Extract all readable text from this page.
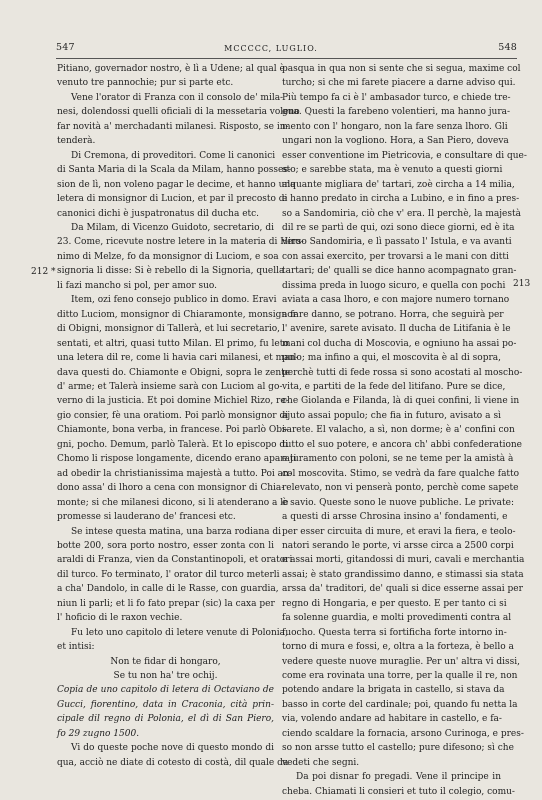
547	MCCCCC, LUGLIO.	548
212 *
213
Pitiano, governador nostro, è lì a Udene; al qual è
venuto tre pannochie; pur si parte etc.
Vene l'orator di Franza con il consolo de' mila-
nesi, dolendossi quelli oficiali di la messetaria voleno
far novità a' merchadanti milanesi. Risposto, se in-
tenderà.
Di Cremona, di proveditori. Come li canonici
di Santa Maria di la Scala da Milam, hanno posses-
sion de lì, non voleno pagar le decime, et hanno una
letera di monsignor di Lucion, et par il precosto di
canonici dichi è juspatronatus dil ducha etc.
Da Milam, di Vicenzo Guidoto, secretario, di
23. Come, ricevute nostre letere in la materia di Hiro-
nimo di Melze, fo da monsignor di Luciom, e soa
signoria li disse: Si è rebello di la Signoria, quella
li fazi mancho si pol, per amor suo.
Item, ozi feno consejo publico in domo. Eravi
ditto Luciom, monsignor di Chiaramonte, monsignor
di Obigni, monsignor di Tallerà, et lui secretario,
sentati, et altri, quasi tutto Milan. El primo, fu leto
una letera dil re, come li havia cari milanesi, et man-
dava questi do. Chiamonte e Obigni, sopra le zente
d' arme; et Talerà insieme sarà con Luciom al go-
verno di la justicia. Et poi domine Michiel Rizo, re-
gio consier, fè una oratiom. Poi parlò monsignor di
Chiamonte, bona verba, in francese. Poi parlò Obi-
gni, pocho. Demum, parlò Talerà. Et lo episcopo di
Chomo li rispose longamente, dicendo erano aparati
ad obedir la christianissima majestà a tutto. Poi an-
dono assa' di lhoro a cena con monsignor di Chia-
monte; si che milanesi dicono, si li atenderano a le
promesse si lauderano de' francesi etc.
Se intese questa matina, una barza rodiana di
botte 200, sora porto nostro, esser zonta con li
araldi di Franza, vien da Constantinopoli, et oratori
dil turco. Fo terminato, l' orator dil turco meterli
a cha' Dandolo, in calle di le Rasse, con guardia,
niun li parli; et li fo fato prepar (sic) la caxa per
l' hoficio di le raxon vechie.
Fu leto uno capitolo di letere venute di Polonia,
et intisi:
Non te fidar di hongaro,
Se tu non ha' tre ochij.
Copia de uno capitolo di letera di Octaviano de
Gucci, fiorentino, data in Craconia, cità prin-
cipale dil regno di Polonia, el dì di San Piero,
fo 29 zugno 1500.
Vi do queste poche nove di questo mondo di
qua, acciò ne diate di cotesto di costà, dil quale da
pasqua in qua non si sente che si segua, maxime col
turcho; si che mi farete piacere a darne adviso qui.
Più tempo fa ci è l' ambasador turco, e chiede tre-
gua. Questi la farebeno volentieri, ma hanno jura-
mento con l' hongaro, non la fare senza lhoro. Gli
ungari non la vogliono. Hora, a San Piero, doveva
esser conventione im Pietricovia, e consultare di que-
sto; e sarebbe stata, ma è venuto a questi giorni
alquante migliara de' tartari, zoè circha a 14 milia,
e hanno predato in circha a Lubino, e in fino a pres-
so a Sandomiria, ciò che v' era. Il perchè, la majestà
dil re se partì de qui, ozi sono diece giorni, ed è ita
verso Sandomiria, e lì passato l' Istula, e va avanti
con assai exercito, per trovarsi a le mani con ditti
tartari; de' qualli se dice hanno acompagnato gran-
dissima preda in luogo sicuro, e quella con pochi
aviata a casa lhoro, e con majore numero tornano
a fare danno, se potrano. Horra, che seguirà per
l' avenire, sarete avisato. Il ducha de Litifania è le
mani col ducha di Moscovia, e ogniuno ha assai po-
pulo; ma infino a qui, el moscovita è al di sopra,
perchè tutti di fede rossa si sono acostati al moscho-
vita, e partiti de la fede del litifano. Pure se dice,
che Giolanda e Filanda, là di quei confini, li viene in
ajuto assai populo; che fia in futuro, avisato a sì
sarete. El valacho, a sì, non dorme; è a' confini con
tutto el suo potere, e ancora ch' abbi confederatione
e juramento con poloni, se ne teme per la amistà à
col moscovita. Stimo, se vedrà da fare qualche fatto
relevato, non vi penserà ponto, perchè come sapete
è savio. Queste sono le nuove publiche. Le private:
a questi di arsse Chrosina insino a' fondamenti, e
per esser circuita di mure, et eravi la fiera, e teolo-
natori serando le porte, vi arsse circa a 2500 corpi
e assai morti, gitandossi di muri, cavali e merchantia
assai; è stato grandissimo danno, e stimassi sia stata
arssa da' traditori, de' quali si dice esserne assai per
regno di Hongaria, e per questo. E per tanto ci si
fa solenne guardia, e molti provedimenti contra al
fuocho. Questa terra si fortificha forte intorno in-
torno di mura e fossi, e, oltra a la forteza, è bello a
vedere queste nuove muraglie. Per un' altra vi dissi,
come era rovinata una torre, per la qualle il re, non
potendo andare la brigata in castello, si stava da
basso in corte del cardinale; poi, quando fu netta la
via, volendo andare ad habitare in castello, e fa-
ciendo scaldare la fornacia, arsono Curinoga, e pres-
so non arsse tutto el castello; pure difesono; sì che
vedeti che segni.
Da poi disnar fo pregadi. Vene il principe in
cheba. Chiamati li consieri et tuto il colegio, comu-
